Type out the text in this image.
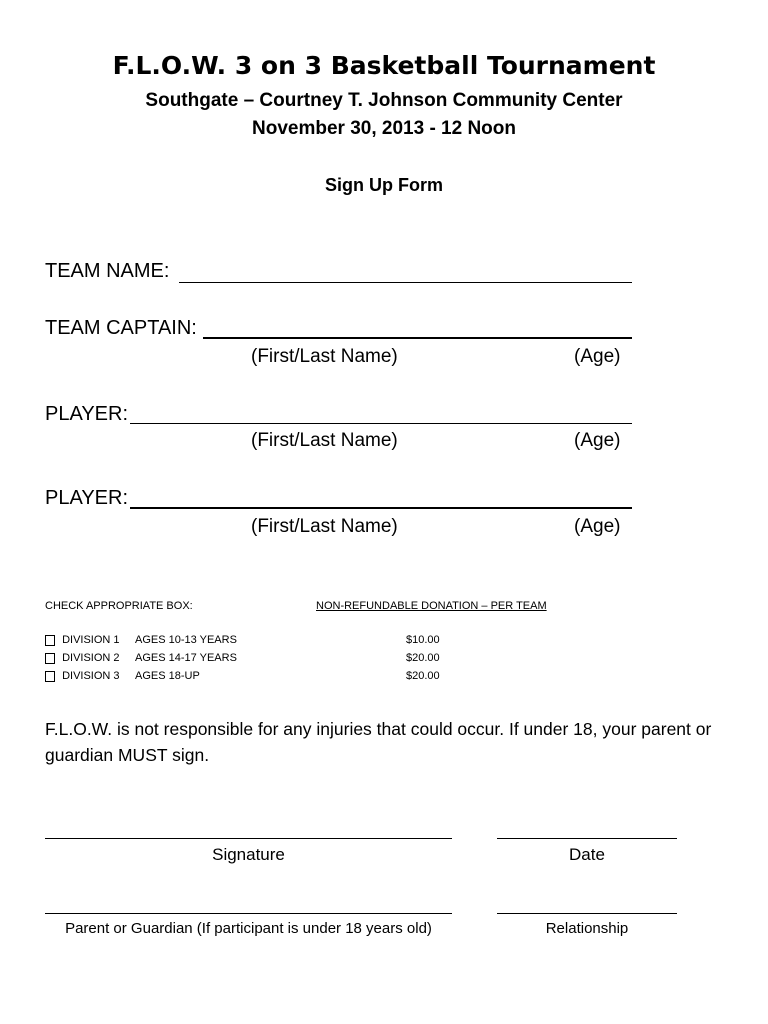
F.L.O.W. 3 on 3 Basketball Tournament
Southgate – Courtney T. Johnson Community Center
November 30, 2013 - 12 Noon
Sign Up Form
TEAM NAME:
TEAM CAPTAIN:
(First/Last Name)	(Age)
PLAYER:
(First/Last Name)	(Age)
PLAYER:
(First/Last Name)	(Age)
CHECK APPROPRIATE BOX:	NON-REFUNDABLE DONATION – PER TEAM
DIVISION 1 AGES 10-13 YEARS	$10.00
DIVISION 2 AGES 14-17 YEARS	$20.00
DIVISION 3 AGES 18-UP	$20.00
F.L.O.W. is not responsible for any injuries that could occur. If under 18, your parent or guardian MUST sign.
Signature	Date
Parent or Guardian (If participant is under 18 years old)	Relationship
